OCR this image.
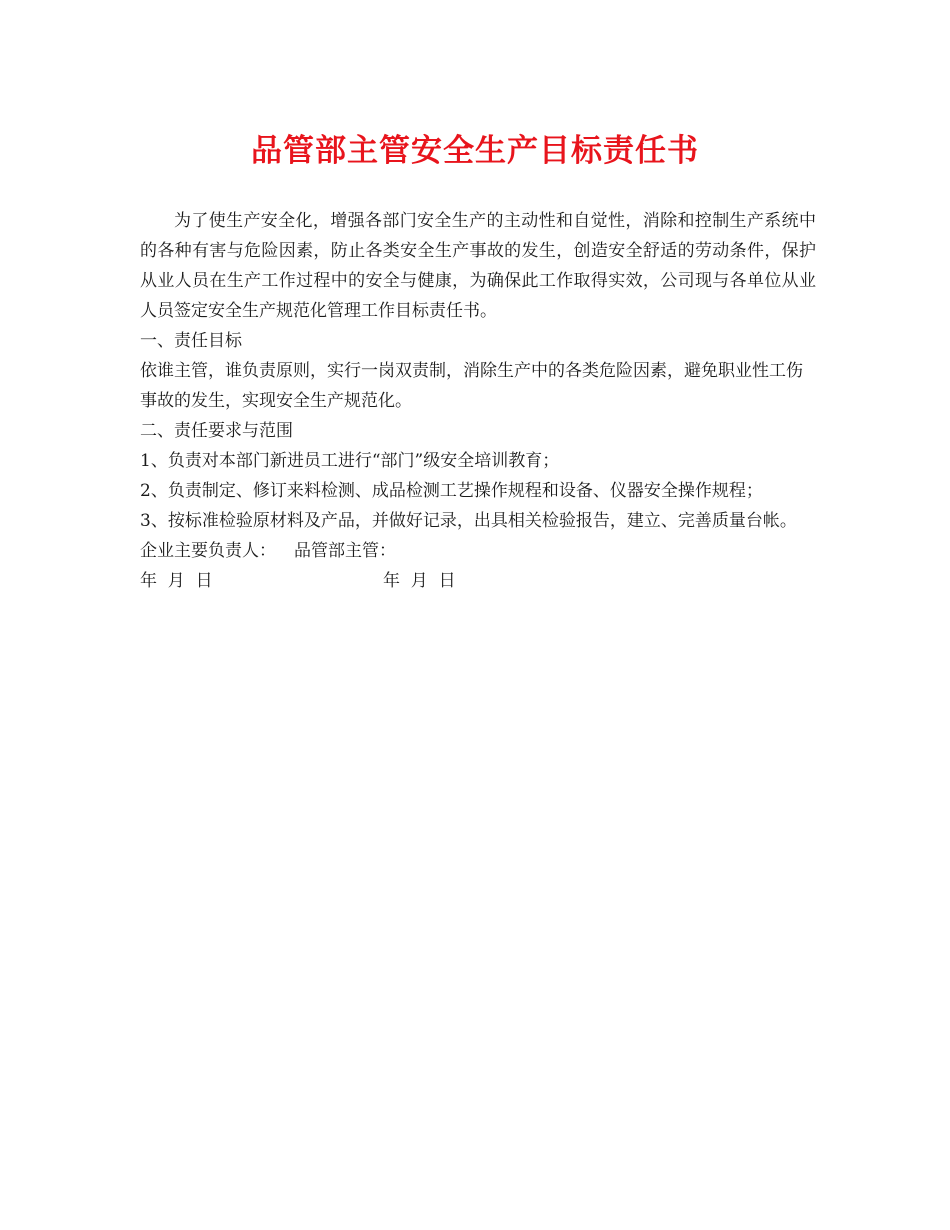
品管部主管安全生产目标责任书

为了使生产安全化，增强各部门安全生产的主动性和自觉性，消除和控制生产系统中的各种有害与危险因素，防止各类安全生产事故的发生，创造安全舒适的劳动条件，保护从业人员在生产工作过程中的安全与健康，为确保此工作取得实效，公司现与各单位从业人员签定安全生产规范化管理工作目标责任书。

一、责任目标

依谁主管，谁负责原则，实行一岗双责制，消除生产中的各类危险因素，避免职业性工伤事故的发生，实现安全生产规范化。

二、责任要求与范围

1、负责对本部门新进员工进行“部门”级安全培训教育；

2、负责制定、修订来料检测、成品检测工艺操作规程和设备、仪器安全操作规程；

3、按标准检验原材料及产品，并做好记录，出具相关检验报告，建立、完善质量台帐。

企业主要负责人： 品管部主管：
年  月  日	年  月  日
